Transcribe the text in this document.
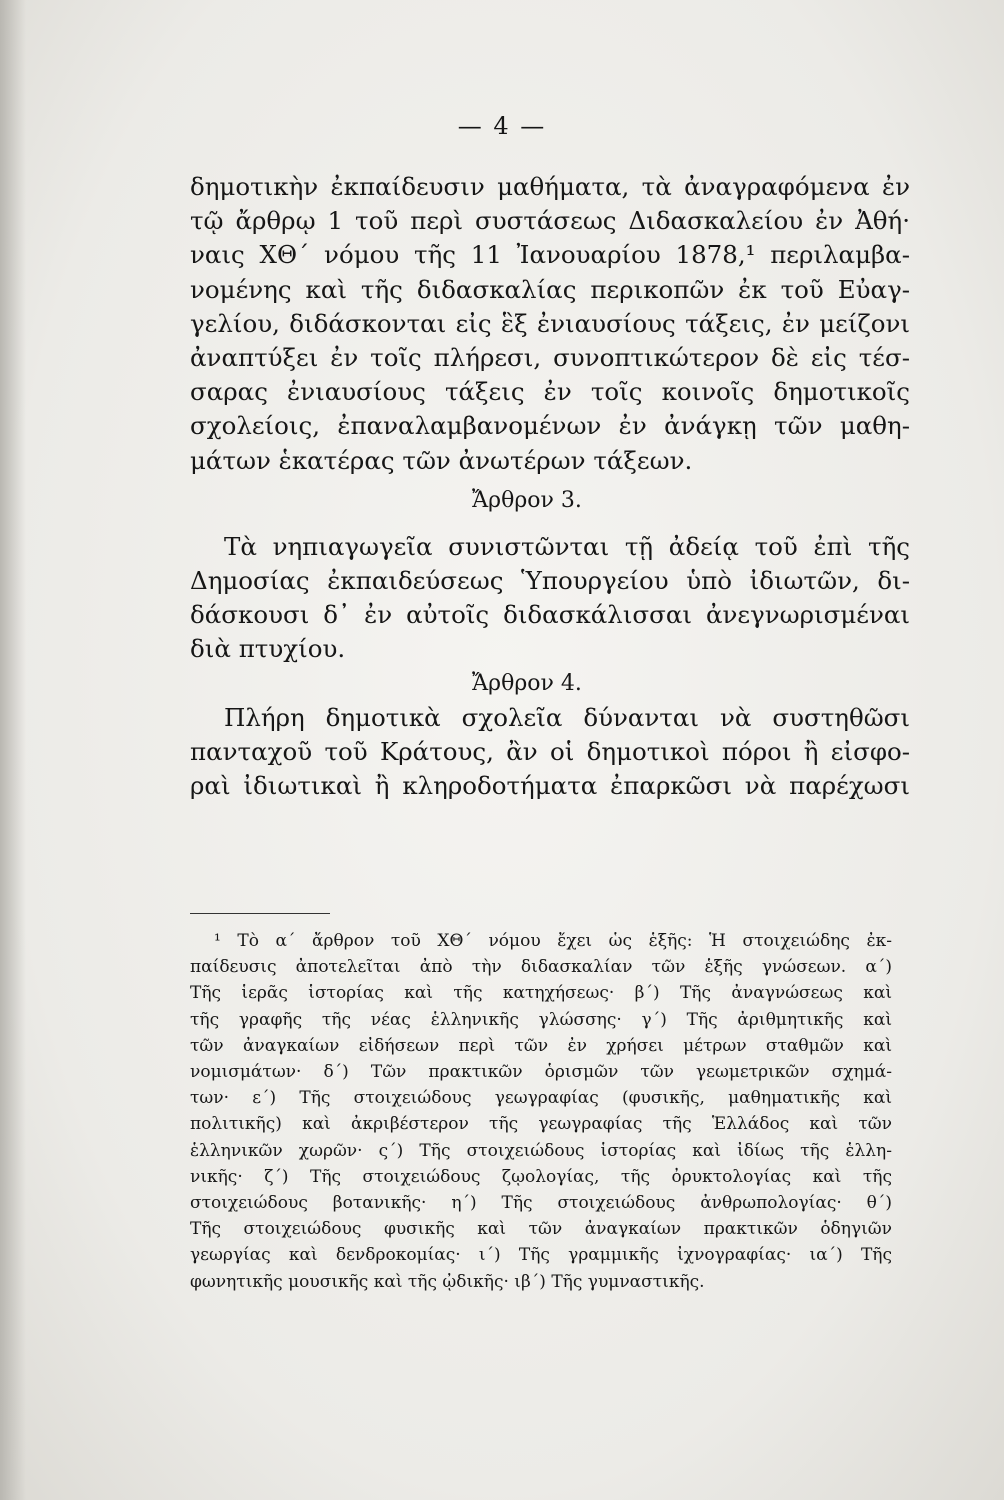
— 4 —
δημοτικὴν ἐκπαίδευσιν μαθήματα, τὰ ἀναγραφόμενα ἐν
τῷ ἄρθρῳ 1 τοῦ περὶ συστάσεως Διδασκαλείου ἐν Ἀθή·
ναις ΧΘ΄ νόμου τῆς 11 Ἰανουαρίου 1878,¹ περιλαμβα-
νομένης καὶ τῆς διδασκαλίας περικοπῶν ἐκ τοῦ Εὐαγ-
γελίου, διδάσκονται εἰς ἓξ ἐνιαυσίους τάξεις, ἐν μείζονι
ἀναπτύξει ἐν τοῖς πλήρεσι, συνοπτικώτερον δὲ εἰς τέσ-
σαρας ἐνιαυσίους τάξεις ἐν τοῖς κοινοῖς δημοτικοῖς
σχολείοις, ἐπαναλαμβανομένων ἐν ἀνάγκῃ τῶν μαθη-
μάτων ἑκατέρας τῶν ἀνωτέρων τάξεων.
Ἄρθρον 3.
Τὰ νηπιαγωγεῖα συνιστῶνται τῇ ἀδείᾳ τοῦ ἐπὶ τῆς
Δημοσίας ἐκπαιδεύσεως Ὑπουργείου ὑπὸ ἰδιωτῶν, δι-
δάσκουσι δ᾽ ἐν αὐτοῖς διδασκάλισσαι ἀνεγνωρισμέναι
διὰ πτυχίου.
Ἄρθρον 4.
Πλήρη δημοτικὰ σχολεῖα δύνανται νὰ συστηθῶσι
πανταχοῦ τοῦ Κράτους, ἂν οἱ δημοτικοὶ πόροι ἢ εἰσφο-
ραὶ ἰδιωτικαὶ ἢ κληροδοτήματα ἐπαρκῶσι νὰ παρέχωσι
¹ Τὸ α΄ ἄρθρον τοῦ ΧΘ΄ νόμου ἔχει ὡς ἑξῆς: Ἡ στοιχειώδης ἐκ-
παίδευσις ἀποτελεῖται ἀπὸ τὴν διδασκαλίαν τῶν ἑξῆς γνώσεων. α΄)
Τῆς ἱερᾶς ἱστορίας καὶ τῆς κατηχήσεως· β΄) Τῆς ἀναγνώσεως καὶ
τῆς γραφῆς τῆς νέας ἑλληνικῆς γλώσσης· γ΄) Τῆς ἀριθμητικῆς καὶ
τῶν ἀναγκαίων εἰδήσεων περὶ τῶν ἐν χρήσει μέτρων σταθμῶν καὶ
νομισμάτων· δ΄) Τῶν πρακτικῶν ὁρισμῶν τῶν γεωμετρικῶν σχημά-
των· ε΄) Τῆς στοιχειώδους γεωγραφίας (φυσικῆς, μαθηματικῆς καὶ
πολιτικῆς) καὶ ἀκριβέστερον τῆς γεωγραφίας τῆς Ἑλλάδος καὶ τῶν
ἑλληνικῶν χωρῶν· ς΄) Τῆς στοιχειώδους ἱστορίας καὶ ἰδίως τῆς ἑλλη-
νικῆς· ζ΄) Τῆς στοιχειώδους ζῳολογίας, τῆς ὀρυκτολογίας καὶ τῆς
στοιχειώδους βοτανικῆς· η΄) Τῆς στοιχειώδους ἀνθρωπολογίας· θ΄)
Τῆς στοιχειώδους φυσικῆς καὶ τῶν ἀναγκαίων πρακτικῶν ὁδηγιῶν
γεωργίας καὶ δενδροκομίας· ι΄) Τῆς γραμμικῆς ἰχνογραφίας· ια΄) Τῆς
φωνητικῆς μουσικῆς καὶ τῆς ᾠδικῆς· ιβ΄) Τῆς γυμναστικῆς.
